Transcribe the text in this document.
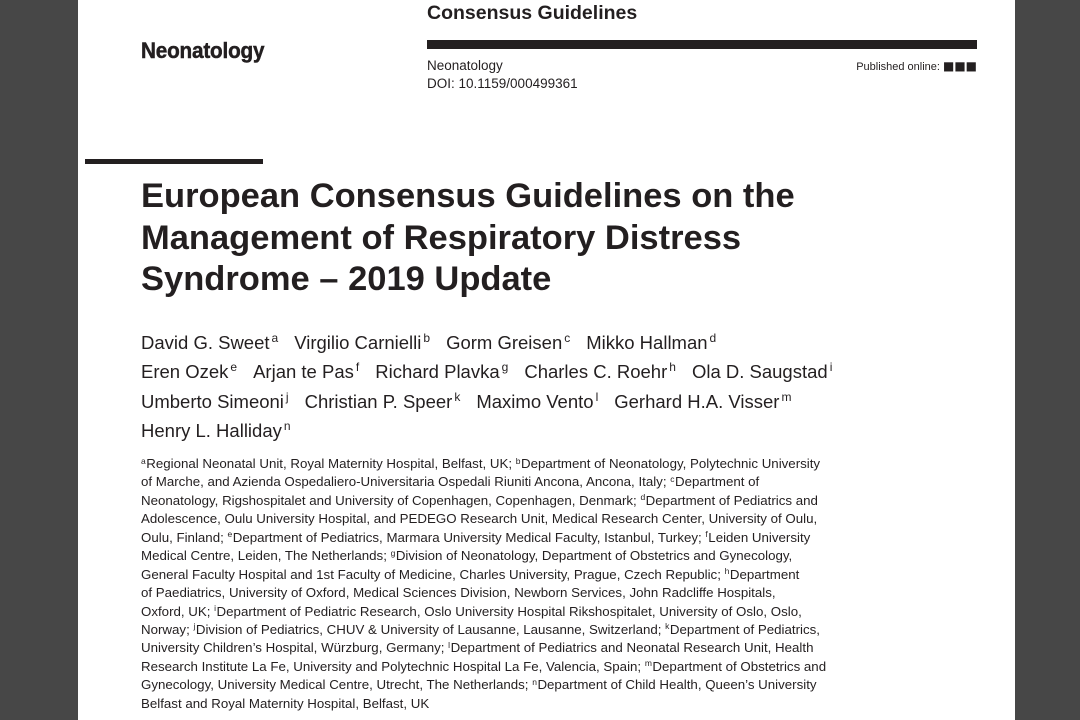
Consensus Guidelines
Neonatology
Neonatology
DOI: 10.1159/000499361
Published online: ■■■
European Consensus Guidelines on the
Management of Respiratory Distress
Syndrome – 2019 Update
David G. Sweet $^a$ Virgilio Carnielli $^b$ Gorm Greisen $^c$ Mikko Hallman $^d$
Eren Ozek $^e$ Arjan te Pas $^f$ Richard Plavka $^g$ Charles C. Roehr $^h$ Ola D. Saugstad $^i$
Umberto Simeoni $^j$ Christian P. Speer $^k$ Maximo Vento $^l$ Gerhard H.A. Visser $^m$
Henry L. Halliday $^n$
$^a$Regional Neonatal Unit, Royal Maternity Hospital, Belfast, UK; $^b$Department of Neonatology, Polytechnic University
of Marche, and Azienda Ospedaliero-Universitaria Ospedali Riuniti Ancona, Ancona, Italy; $^c$Department of
Neonatology, Rigshospitalet and University of Copenhagen, Copenhagen, Denmark; $^d$Department of Pediatrics and
Adolescence, Oulu University Hospital, and PEDEGO Research Unit, Medical Research Center, University of Oulu,
Oulu, Finland; $^e$Department of Pediatrics, Marmara University Medical Faculty, Istanbul, Turkey; $^f$Leiden University
Medical Centre, Leiden, The Netherlands; $^g$Division of Neonatology, Department of Obstetrics and Gynecology,
General Faculty Hospital and 1st Faculty of Medicine, Charles University, Prague, Czech Republic; $^h$Department
of Paediatrics, University of Oxford, Medical Sciences Division, Newborn Services, John Radcliffe Hospitals,
Oxford, UK; $^i$Department of Pediatric Research, Oslo University Hospital Rikshospitalet, University of Oslo, Oslo,
Norway; $^j$Division of Pediatrics, CHUV & University of Lausanne, Lausanne, Switzerland; $^k$Department of Pediatrics,
University Children’s Hospital, Würzburg, Germany; $^l$Department of Pediatrics and Neonatal Research Unit, Health
Research Institute La Fe, University and Polytechnic Hospital La Fe, Valencia, Spain; $^m$Department of Obstetrics and
Gynecology, University Medical Centre, Utrecht, The Netherlands; $^n$Department of Child Health, Queen’s University
Belfast and Royal Maternity Hospital, Belfast, UK
